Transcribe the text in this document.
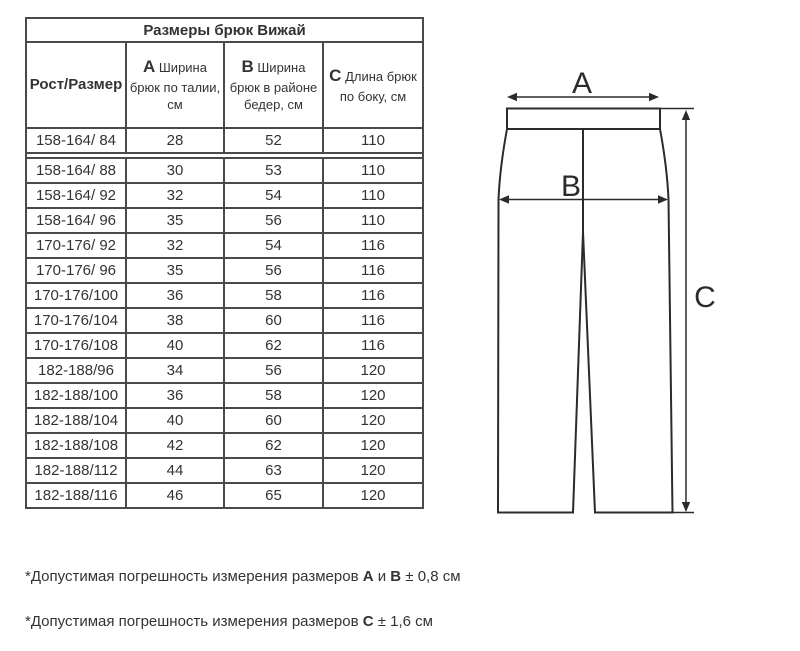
Размеры брюк Вижай			
Рост/Размер	A Ширина брюк по талии, см	B Ширина брюк в районе бедер, см	C Длина брюк по боку, см
158-164/ 84	28	52	110

158-164/ 88	30	53	110
158-164/ 92	32	54	110
158-164/ 96	35	56	110
170-176/ 92	32	54	116
170-176/ 96	35	56	116
170-176/100	36	58	116
170-176/104	38	60	116
170-176/108	40	62	116
182-188/96	34	56	120
182-188/100	36	58	120
182-188/104	40	60	120
182-188/108	42	62	120
182-188/112	44	63	120
182-188/116	46	65	120
*Допустимая погрешность измерения размеров A и B ± 0,8 см
*Допустимая погрешность измерения размеров C ± 1,6 см
A
B
C
